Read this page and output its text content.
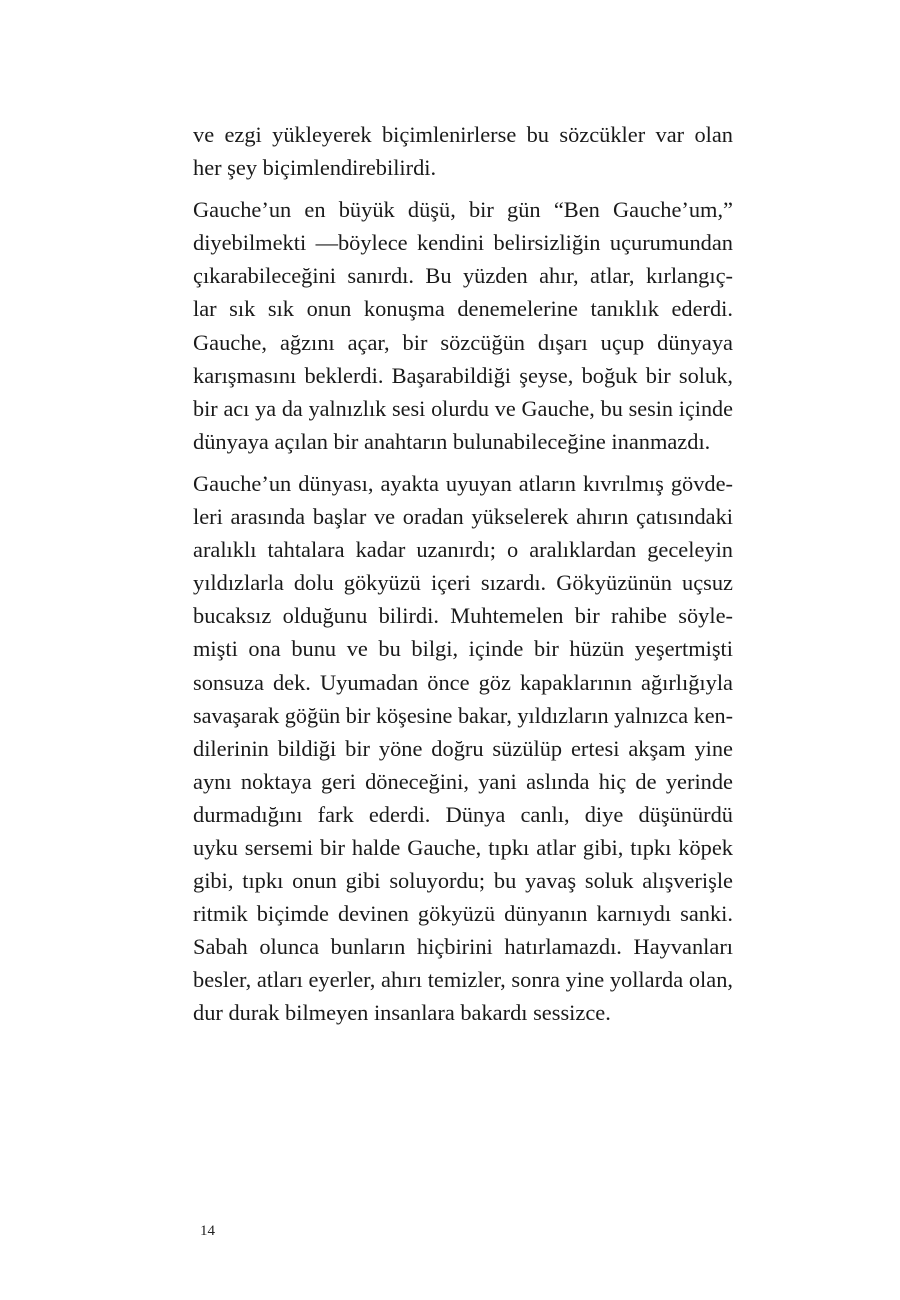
ve ezgi yükleyerek biçimlenirlerse bu sözcükler var olan
her şey biçimlendirebilirdi.

Gauche’un en büyük düşü, bir gün “Ben Gauche’um,”
diyebilmekti —böylece kendini belirsizliğin uçurumundan
çıkarabileceğini sanırdı. Bu yüzden ahır, atlar, kırlangıç-
lar sık sık onun konuşma denemelerine tanıklık ederdi.
Gauche, ağzını açar, bir sözcüğün dışarı uçup dünyaya
karışmasını beklerdi. Başarabildiği şeyse, boğuk bir soluk,
bir acı ya da yalnızlık sesi olurdu ve Gauche, bu sesin içinde
dünyaya açılan bir anahtarın bulunabileceğine inanmazdı.

Gauche’un dünyası, ayakta uyuyan atların kıvrılmış gövde-
leri arasında başlar ve oradan yükselerek ahırın çatısındaki
aralıklı tahtalara kadar uzanırdı; o aralıklardan geceleyin
yıldızlarla dolu gökyüzü içeri sızardı. Gökyüzünün uçsuz
bucaksız olduğunu bilirdi. Muhtemelen bir rahibe söyle-
mişti ona bunu ve bu bilgi, içinde bir hüzün yeşertmişti
sonsuza dek. Uyumadan önce göz kapaklarının ağırlığıyla
savaşarak göğün bir köşesine bakar, yıldızların yalnızca ken-
dilerinin bildiği bir yöne doğru süzülüp ertesi akşam yine
aynı noktaya geri döneceğini, yani aslında hiç de yerinde
durmadığını fark ederdi. Dünya canlı, diye düşünürdü
uyku sersemi bir halde Gauche, tıpkı atlar gibi, tıpkı köpek
gibi, tıpkı onun gibi soluyordu; bu yavaş soluk alışverişle
ritmik biçimde devinen gökyüzü dünyanın karnıydı sanki.
Sabah olunca bunların hiçbirini hatırlamazdı. Hayvanları
besler, atları eyerler, ahırı temizler, sonra yine yollarda olan,
dur durak bilmeyen insanlara bakardı sessizce.

14
